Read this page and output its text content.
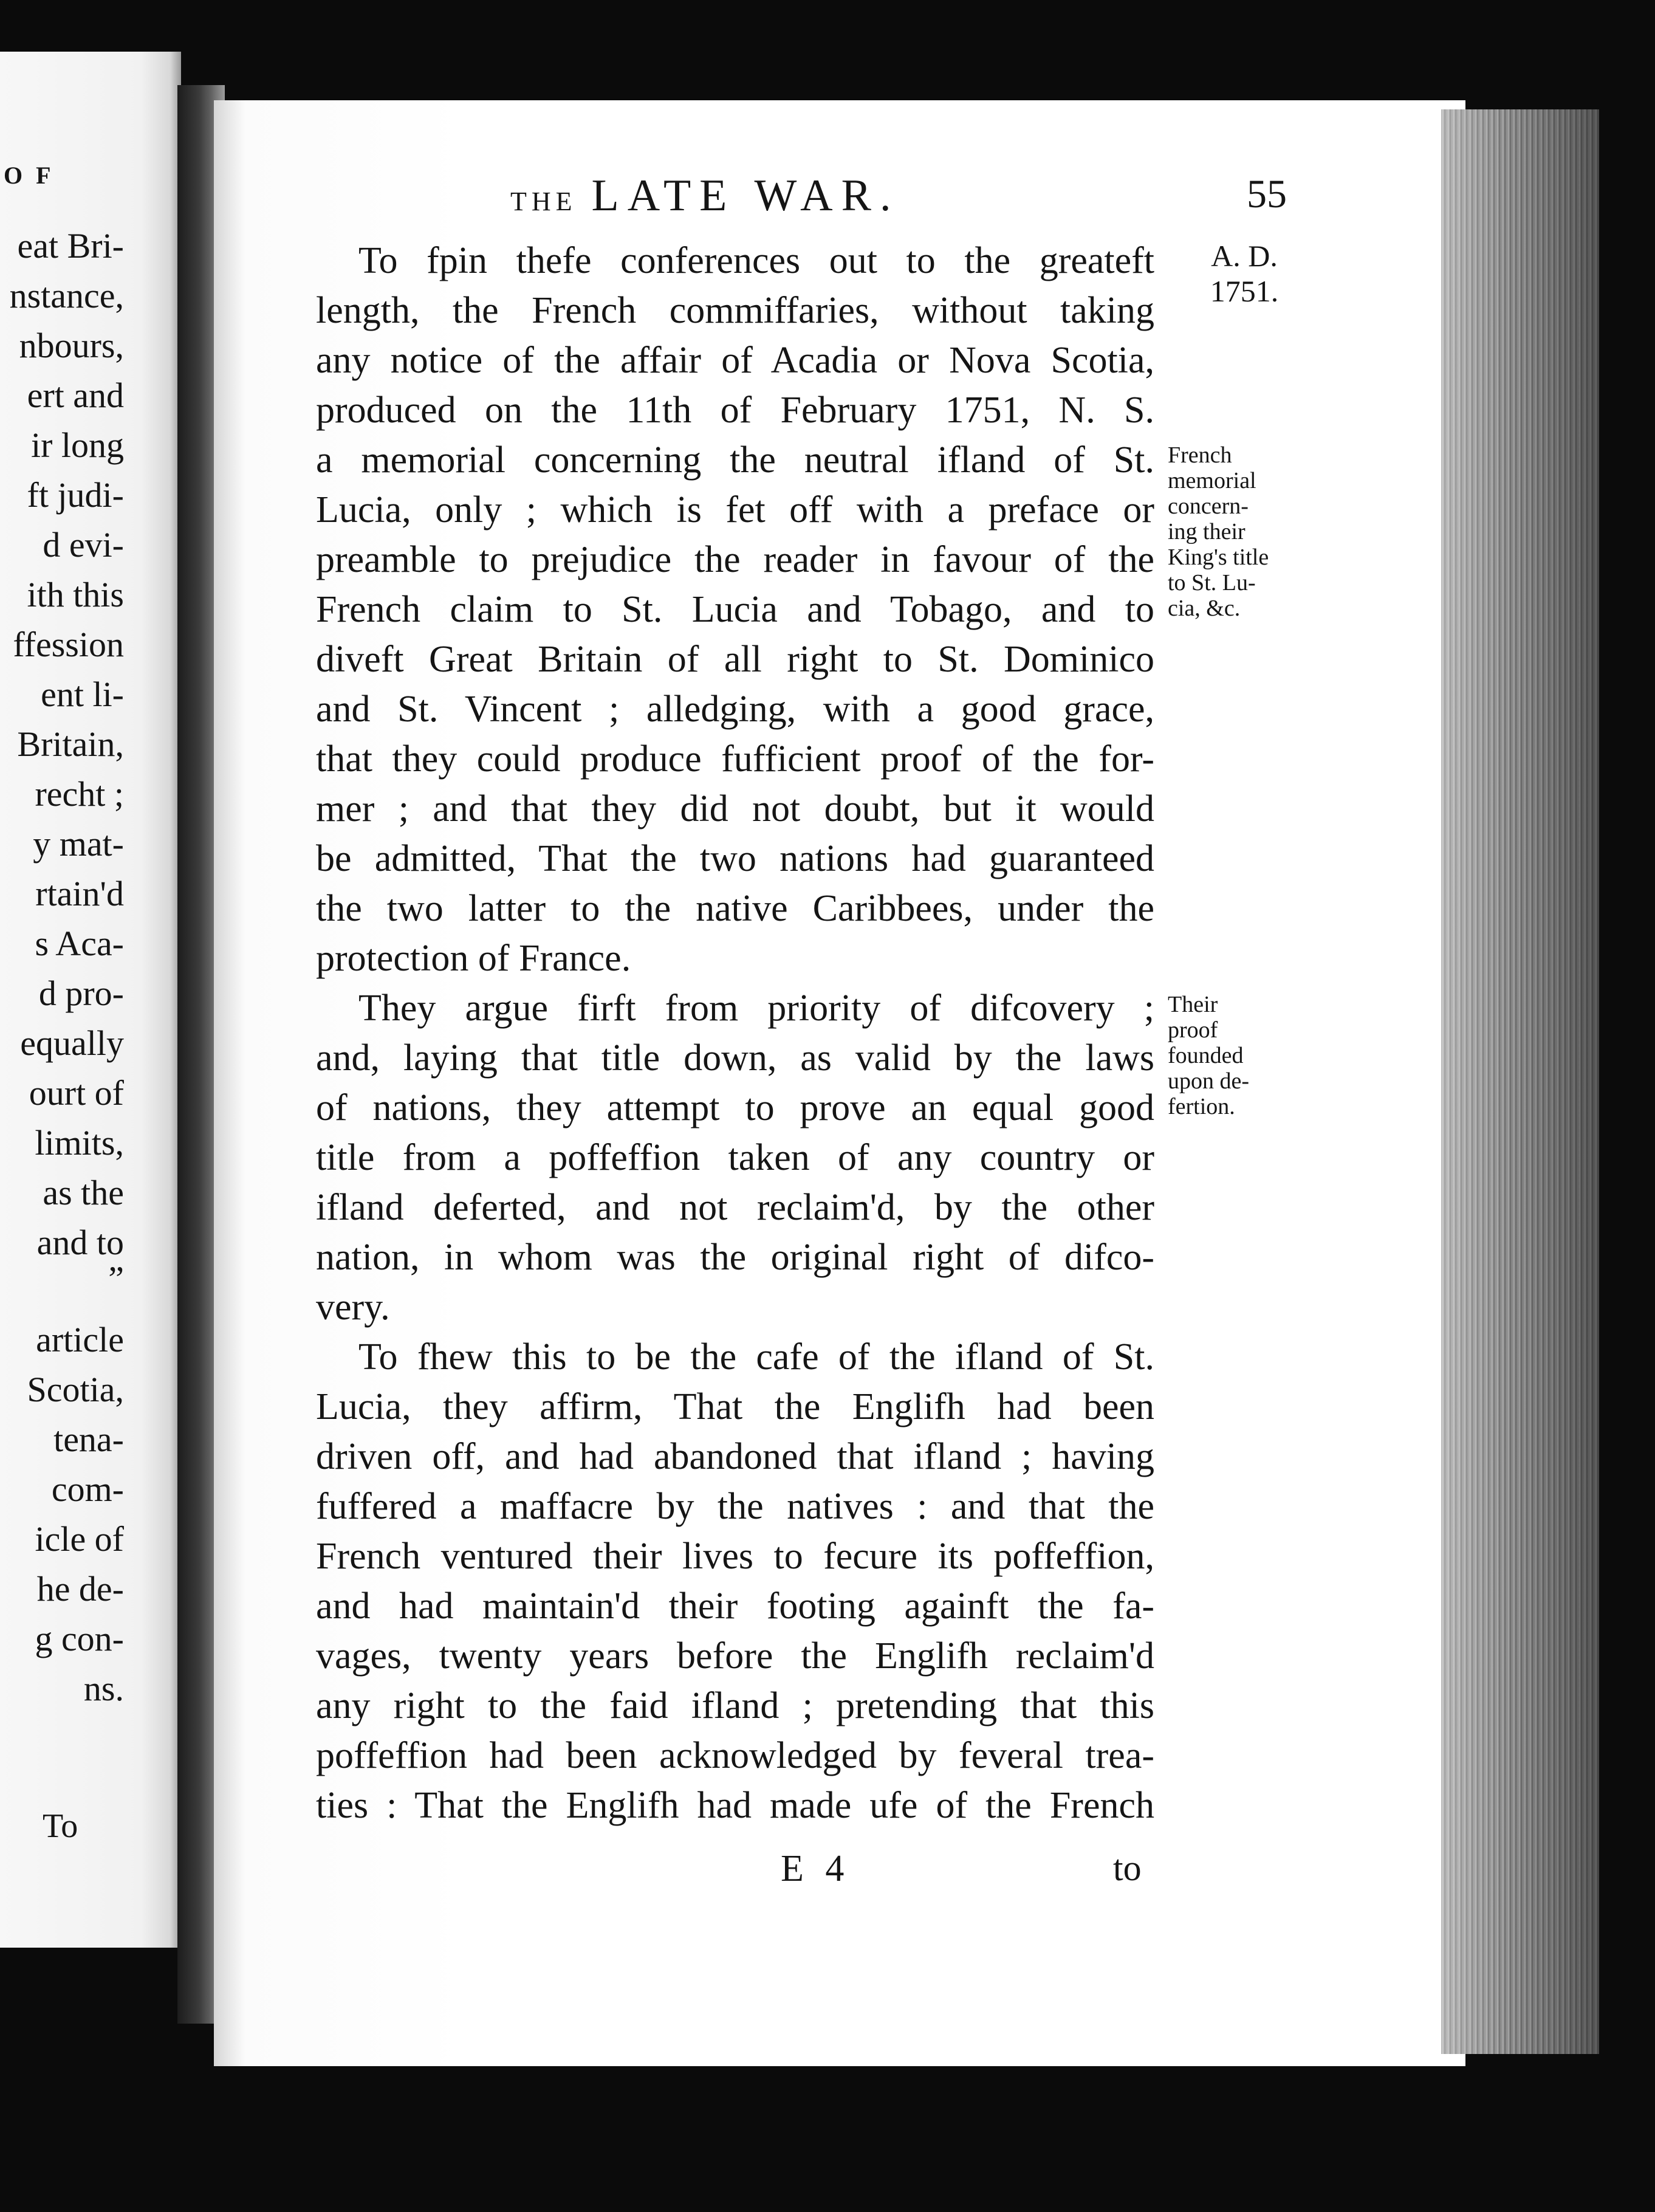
O F
eat Bri-
nstance,
nbours,
ert and
ir long
ft judi-
d evi-
ith this
ffession
ent li-
Britain,
recht ;
y mat-
rtain'd
s Aca-
d pro-
equally
ourt of
limits,
as the
and to
”
article
Scotia,
tena-
com-
icle of
he de-
g con-
ns.
To
THE LATE WAR.	55
To fpin thefe conferences out to the greateft
length, the French commiffaries, without taking
any notice of the affair of Acadia or Nova Scotia,
produced on the 11th of February 1751, N. S.
a memorial concerning the neutral ifland of St.
Lucia, only ; which is fet off with a preface or
preamble to prejudice the reader in favour of the
French claim to St. Lucia and Tobago, and to
diveft Great Britain of all right to St. Dominico
and St. Vincent ; alledging, with a good grace,
that they could produce fufficient proof of the for-
mer ; and that they did not doubt, but it would
be admitted, That the two nations had guaranteed
the two latter to the native Caribbees, under the
protection of France.
They argue firft from priority of difcovery ;
and, laying that title down, as valid by the laws
of nations, they attempt to prove an equal good
title from a poffeffion taken of any country or
ifland deferted, and not reclaim'd, by the other
nation, in whom was the original right of difco-
very.
To fhew this to be the cafe of the ifland of St.
Lucia, they affirm, That the Englifh had been
driven off, and had abandoned that ifland ; having
fuffered a maffacre by the natives : and that the
French ventured their lives to fecure its poffeffion,
and had maintain'd their footing againft the fa-
vages, twenty years before the Englifh reclaim'd
any right to the faid ifland ; pretending that this
poffeffion had been acknowledged by feveral trea-
ties : That the Englifh had made ufe of the French
A. D.
1751.
French
memorial
concern-
ing their
King's title
to St. Lu-
cia, &c.
Their
proof
founded
upon de-
fertion.
E 4	to
